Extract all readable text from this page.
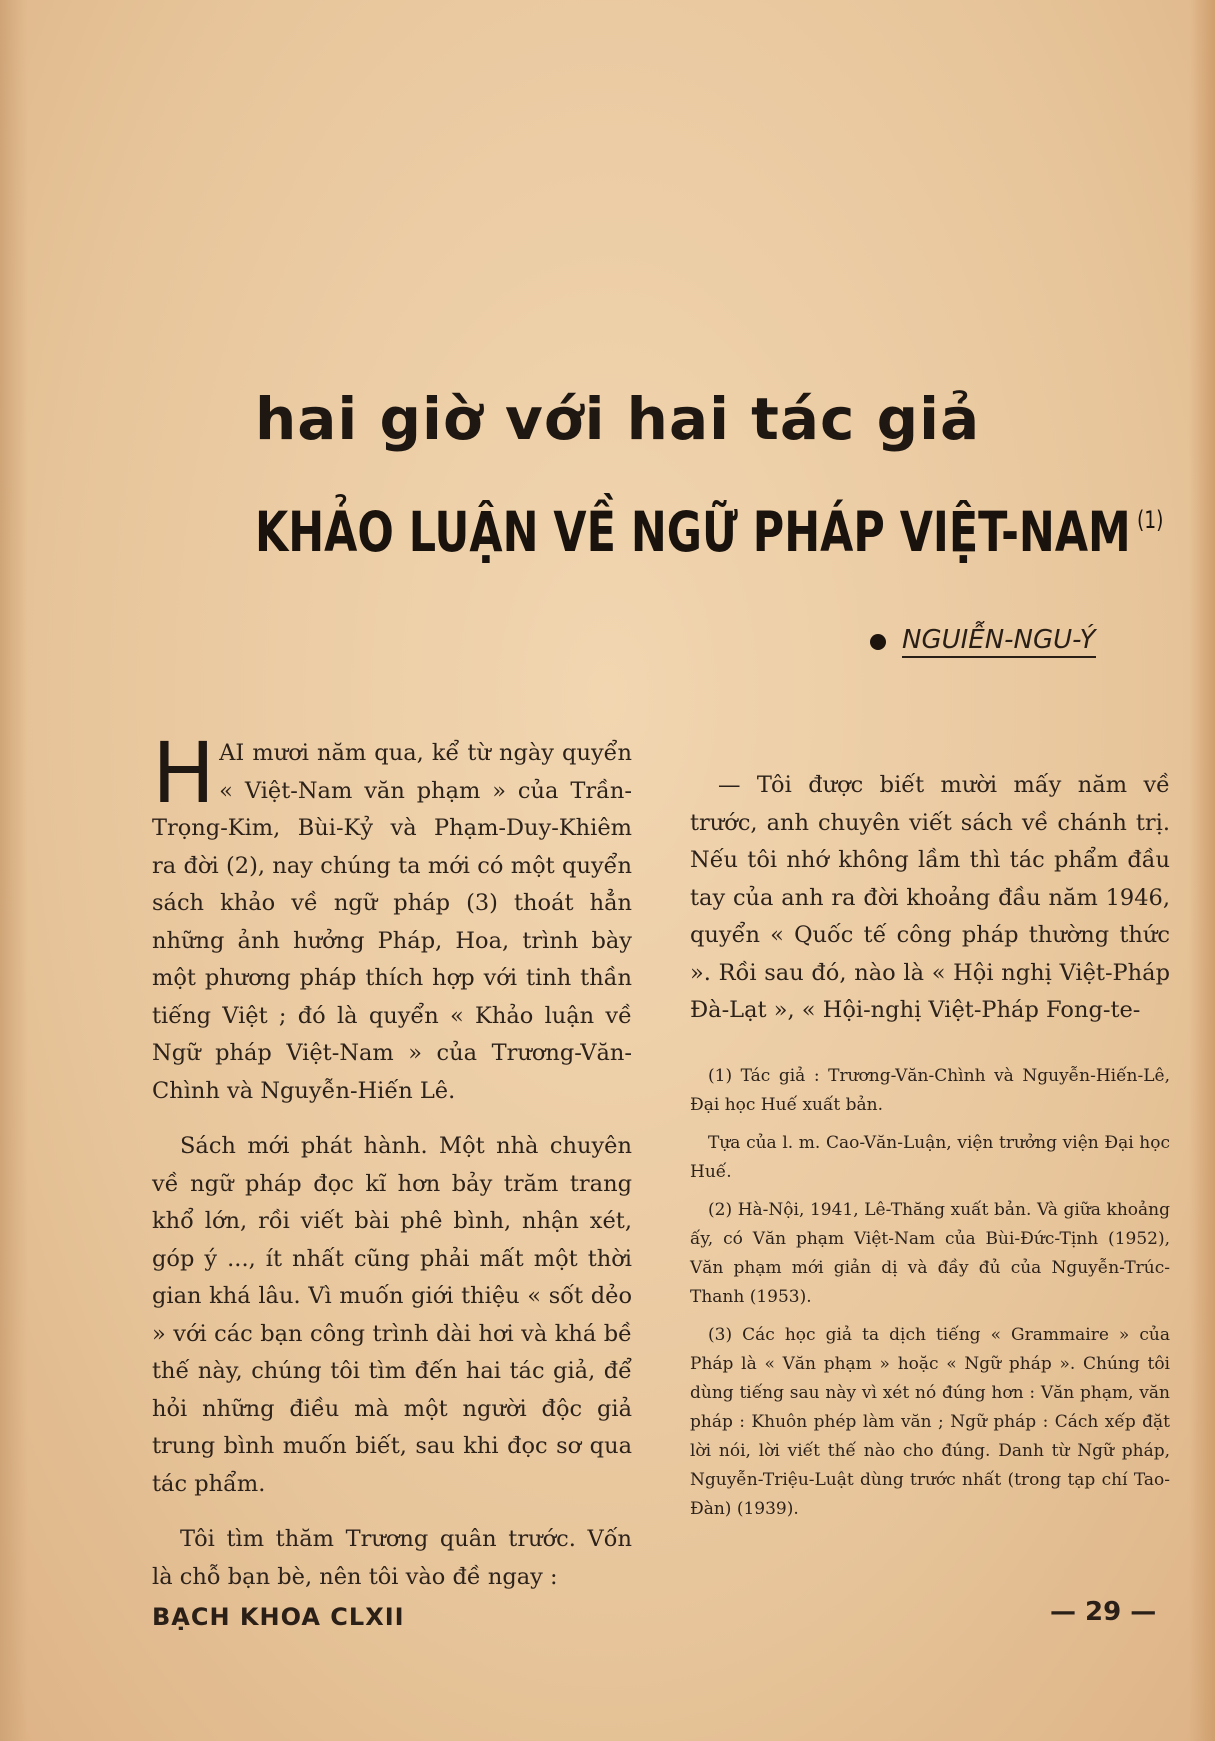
hai giờ với hai tác giả
KHẢO LUẬN VỀ NGỮ PHÁP VIỆT-NAM $^{(1)}$
NGUIỄN-NGU-Ý

HAI mươi năm qua, kể từ ngày quyển « Việt-Nam văn phạm » của Trần-Trọng-Kim, Bùi-Kỷ và Phạm-Duy-Khiêm ra đời (2), nay chúng ta mới có một quyển sách khảo về ngữ pháp (3) thoát hẳn những ảnh hưởng Pháp, Hoa, trình bày một phương pháp thích hợp với tinh thần tiếng Việt ; đó là quyển « Khảo luận về Ngữ pháp Việt-Nam » của Trương-Văn-Chình và Nguyễn-Hiến Lê.

Sách mới phát hành. Một nhà chuyên về ngữ pháp đọc kĩ hơn bảy trăm trang khổ lớn, rồi viết bài phê bình, nhận xét, góp ý ..., ít nhất cũng phải mất một thời gian khá lâu. Vì muốn giới thiệu « sốt dẻo » với các bạn công trình dài hơi và khá bề thế này, chúng tôi tìm đến hai tác giả, để hỏi những điều mà một người độc giả trung bình muốn biết, sau khi đọc sơ qua tác phẩm.

Tôi tìm thăm Trương quân trước. Vốn là chỗ bạn bè, nên tôi vào đề ngay :

— Tôi được biết mười mấy năm về trước, anh chuyên viết sách về chánh trị. Nếu tôi nhớ không lầm thì tác phẩm đầu tay của anh ra đời khoảng đầu năm 1946, quyển « Quốc tế công pháp thường thức ». Rồi sau đó, nào là « Hội nghị Việt-Pháp Đà-Lạt », « Hội-nghị Việt-Pháp Fong-te-

(1) Tác giả : Trương-Văn-Chình và Nguyễn-Hiến-Lê, Đại học Huế xuất bản.

Tựa của l. m. Cao-Văn-Luận, viện trưởng viện Đại học Huế.

(2) Hà-Nội, 1941, Lê-Thăng xuất bản. Và giữa khoảng ấy, có Văn phạm Việt-Nam của Bùi-Đức-Tịnh (1952), Văn phạm mới giản dị và đầy đủ của Nguyễn-Trúc-Thanh (1953).

(3) Các học giả ta dịch tiếng « Grammaire » của Pháp là « Văn phạm » hoặc « Ngữ pháp ». Chúng tôi dùng tiếng sau này vì xét nó đúng hơn : Văn phạm, văn pháp : Khuôn phép làm văn ; Ngữ pháp : Cách xếp đặt lời nói, lời viết thế nào cho đúng. Danh từ Ngữ pháp, Nguyễn-Triệu-Luật dùng trước nhất (trong tạp chí Tao-Đàn) (1939).

BẠCH KHOA CLXII	— 29 —
